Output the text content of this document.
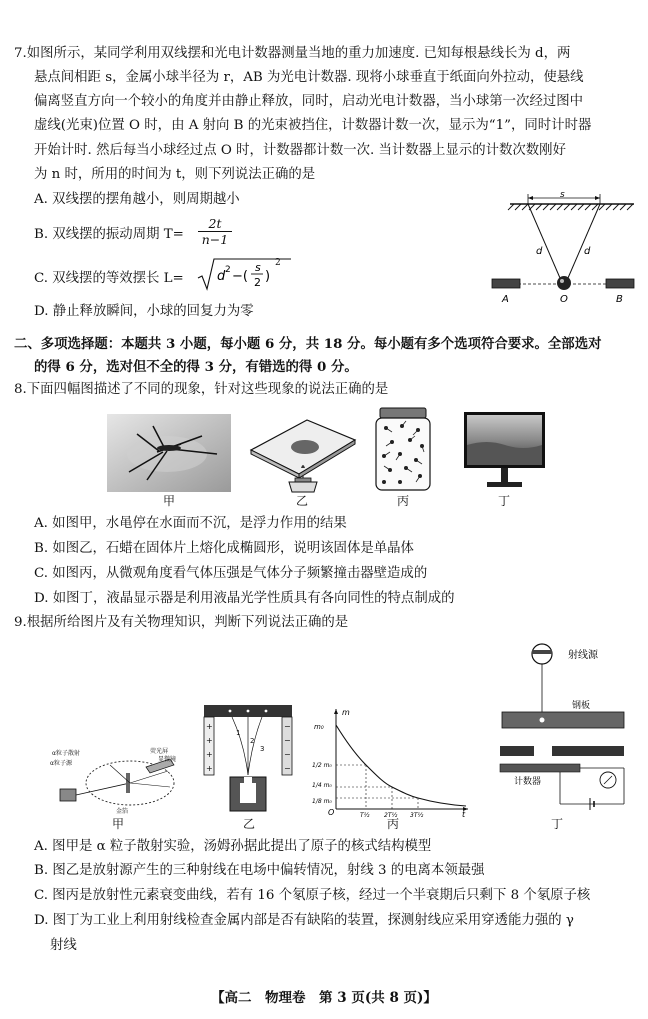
7.如图所示，某同学利用双线摆和光电计数器测量当地的重力加速度. 已知每根悬线长为 d，两
悬点间相距 s，金属小球半径为 r，AB 为光电计数器. 现将小球垂直于纸面向外拉动，使悬线
偏离竖直方向一个较小的角度并由静止释放，同时，启动光电计数器，当小球第一次经过图中
虚线(光束)位置 O 时，由 A 射向 B 的光束被挡住，计数器计数一次，显示为“1”，同时计时器
开始计时. 然后每当小球经过点 O 时，计数器都计数一次. 当计数器上显示的计数次数刚好
为 n 时，所用的时间为 t，则下列说法正确的是
A. 双线摆的摆角越小，则周期越小
B. 双线摆的振动周期 $T= \frac{2t}{n-1}$
C. 双线摆的等效摆长 L=	d 2 −(
s
2 )
2
D. 静止释放瞬间，小球的回复力为零
s
d	d
A	O	B
二、多项选择题：本题共 3 小题，每小题 6 分，共 18 分。每小题有多个选项符合要求。全部选对
的得 6 分，选对但不全的得 3 分，有错选的得 0 分。
8.下面四幅图描述了不同的现象，针对这些现象的说法正确的是
甲	乙	丙	丁
A. 如图甲，水黾停在水面而不沉，是浮力作用的结果
B. 如图乙，石蜡在固体片上熔化成椭圆形，说明该固体是单晶体
C. 如图丙，从微观角度看气体压强是气体分子频繁撞击器壁造成的
D. 如图丁，液晶显示器是利用液晶光学性质具有各向同性的特点制成的
9.根据所给图片及有关物理知识，判断下列说法正确的是
α粒子散射
α粒子源
荧光屏
显微镜
金箔
甲
+
+
+
+
−
−
−
−
1
2
3
乙
m
m₀
1/2 m₀
1/4 m₀
1/8 m₀
O	t
T½ 2T½ 3T½
丙
射线源
钢板
计数器
丁
A. 图甲是 α 粒子散射实验，汤姆孙据此提出了原子的核式结构模型
B. 图乙是放射源产生的三种射线在电场中偏转情况，射线 3 的电离本领最强
C. 图丙是放射性元素衰变曲线，若有 16 个氡原子核，经过一个半衰期后只剩下 8 个氡原子核
D. 图丁为工业上利用射线检查金属内部是否有缺陷的装置，探测射线应采用穿透能力强的 γ
射线
【高二　物理卷　第 3 页(共 8 页)】
